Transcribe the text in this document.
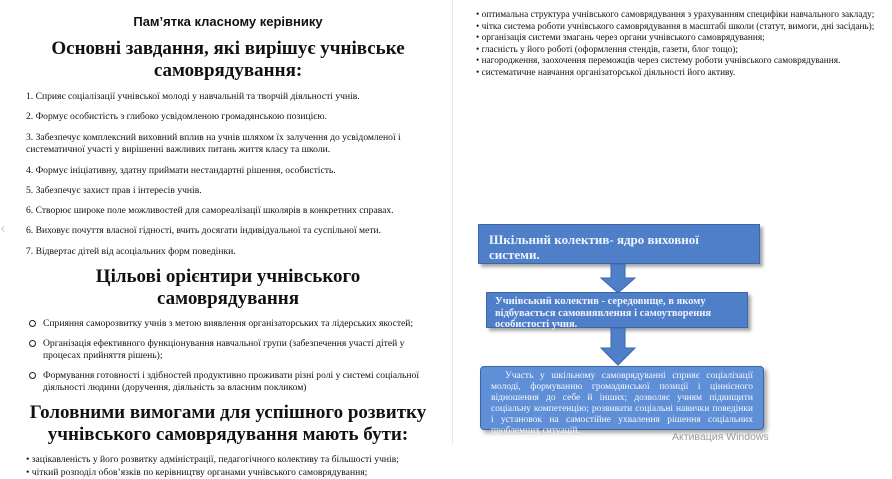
Пам’ятка класному керівнику
Основні завдання, які вирішує учнівське самоврядування:
1. Сприяє соціалізації учнівської молоді у навчальній та творчій діяльності учнів.
2. Формує особистість з глибоко усвідомленою громадянською позицією.
3. Забезпечує комплексний виховний вплив на учнів шляхом їх залучення до усвідомленої і систематичної участі у вирішенні важливих питань життя класу та школи.
4. Формує ініціативну, здатну приймати нестандартні рішення, особистість.
5. Забезпечує захист прав і інтересів учнів.
6. Створює широке поле можливостей для самореалізації школярів в конкретних справах.
6. Виховує почуття власної гідності, вчить досягати індивідуальної та суспільної мети.
7. Відвертає дітей від асоціальних форм поведінки.
Цільові орієнтири учнівського самоврядування
Сприяння саморозвитку учнів з метою виявлення організаторських та лідерських якостей;
Організація ефективного функціонування навчальної групи (забезпечення участі дітей у процесах прийняття рішень);
Формування готовності і здібностей продуктивно проживати різні ролі у системі соціальної діяльності людини (доручення, діяльність за власним покликом)
Головними вимогами для успішного розвитку учнівського самоврядування мають бути:
• зацікавленість у його розвитку адміністрації, педагогічного колективу та більшості учнів;
• чіткий розподіл обов’язків по керівництву органами учнівського самоврядування;
‹
• оптимальна структура учнівського самоврядування з урахуванням специфіки навчального закладу;
• чітка система роботи учнівського самоврядування в масштабі школи (статут, вимоги, дні засідань);
• організація системи змагань через органи учнівського самоврядування;
• гласність у його роботі (оформлення стендів, газети, блог тощо);
• нагородження, заохочення переможців через систему роботи учнівського самоврядування.
• систематичне навчання організаторської діяльності його активу.
Шкільний колектив- ядро виховної системи.
Учнівський колектив - середовище, в якому відбувається самовиявлення і самоутворення особистості учня.
Участь у шкільному самоврядуванні сприяє соціалізації молоді, формуванню громадянської позиції і ціннісного відношення до себе й інших; дозволяє учням підвищити соціальну компетенцію; розвивати соціальні навички поведінки і установок на самостійне ухвалення рішення соціальних проблемних ситуацій.	Активация Windows
